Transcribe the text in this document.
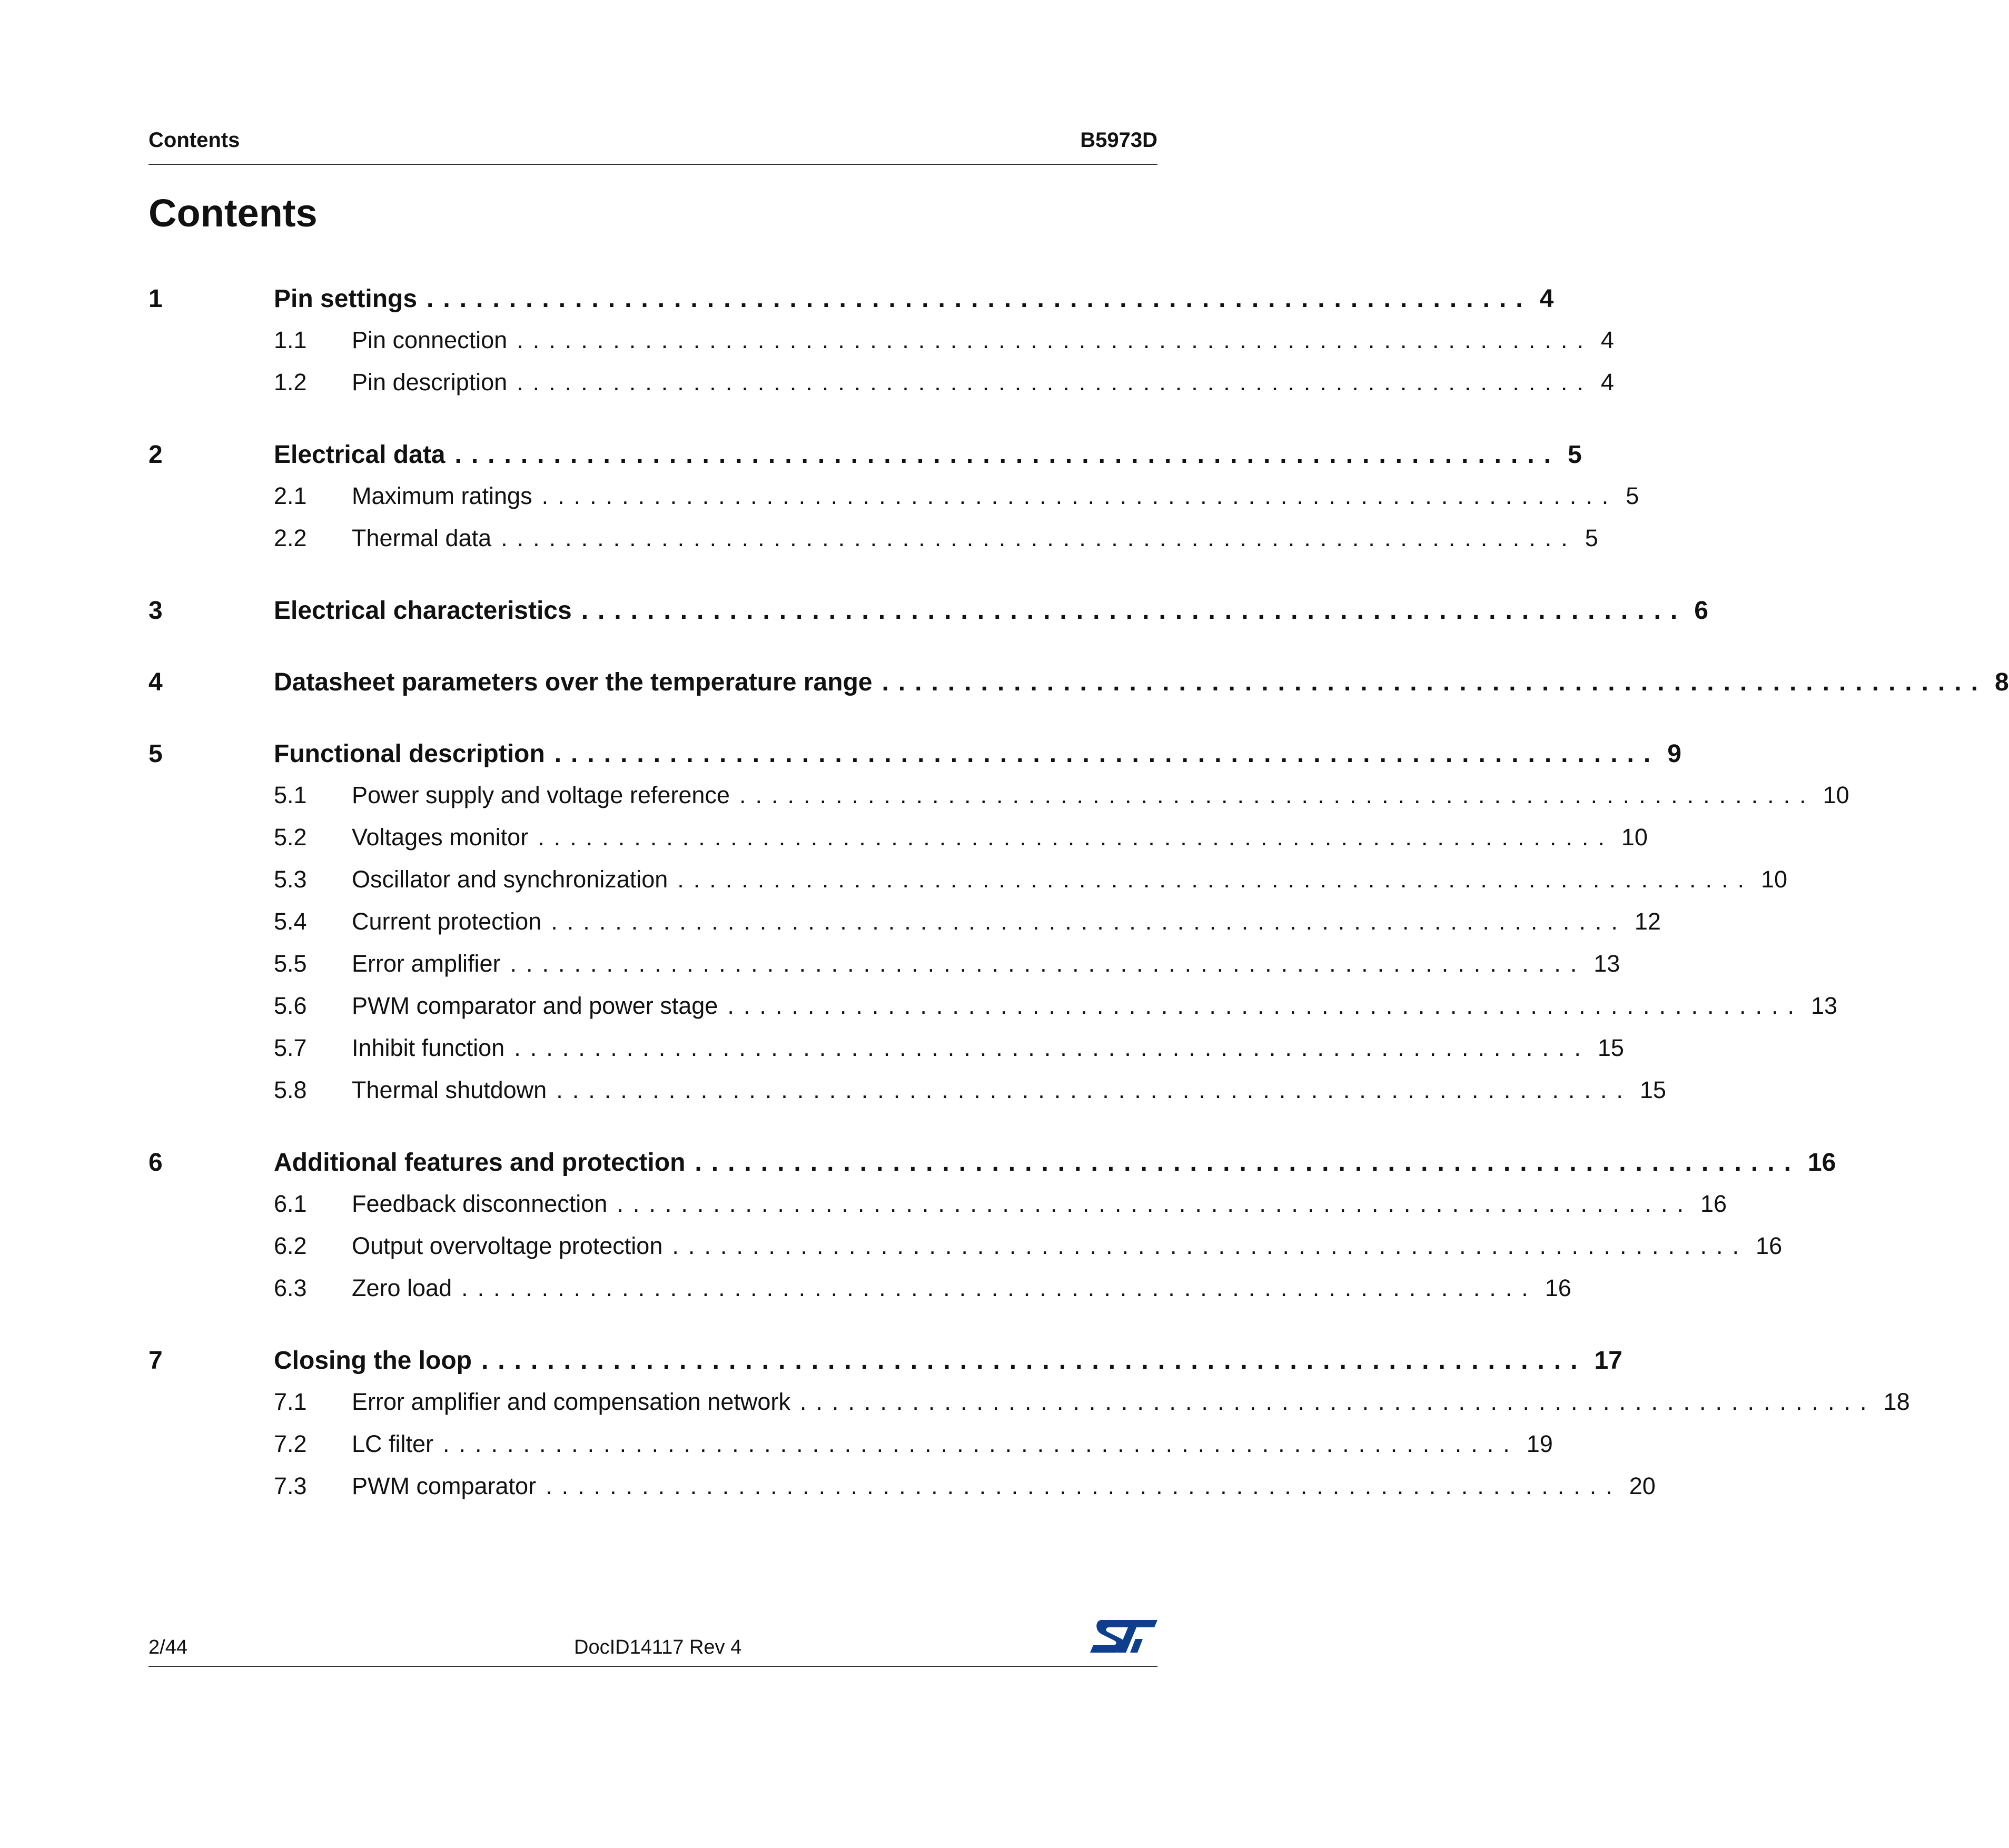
Contents	B5973D
Contents
1	Pin settings ................................................................... 4
1.1	Pin connection ................................................................... 4
1.2	Pin description ................................................................... 4
2	Electrical data ................................................................... 5
2.1	Maximum ratings ................................................................... 5
2.2	Thermal data ................................................................... 5
3	Electrical characteristics ................................................................... 6
4	Datasheet parameters over the temperature range ................................................................... 8
5	Functional description ................................................................... 9
5.1	Power supply and voltage reference ................................................................... 10
5.2	Voltages monitor ................................................................... 10
5.3	Oscillator and synchronization ................................................................... 10
5.4	Current protection ................................................................... 12
5.5	Error amplifier ................................................................... 13
5.6	PWM comparator and power stage ................................................................... 13
5.7	Inhibit function ................................................................... 15
5.8	Thermal shutdown ................................................................... 15
6	Additional features and protection ................................................................... 16
6.1	Feedback disconnection ................................................................... 16
6.2	Output overvoltage protection ................................................................... 16
6.3	Zero load ................................................................... 16
7	Closing the loop ................................................................... 17
7.1	Error amplifier and compensation network ................................................................... 18
7.2	LC filter ................................................................... 19
7.3	PWM comparator ................................................................... 20
2/44	DocID14117 Rev 4
